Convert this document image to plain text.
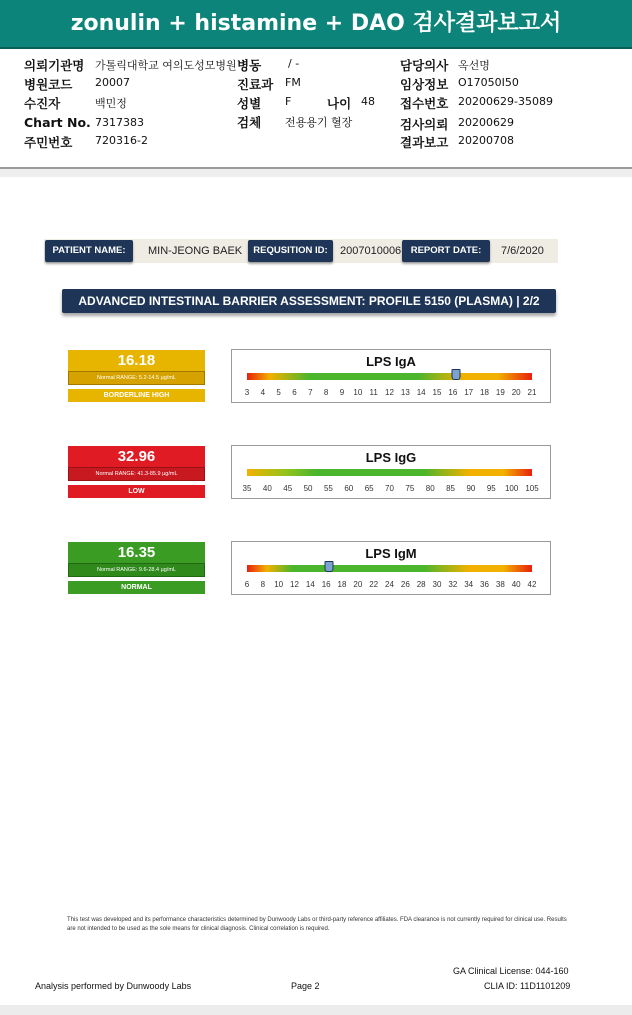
zonulin + histamine + DAO 검사결과보고서
의뢰기관명 가톨릭대학교 여의도성모병원 병동 / -	담당의사 옥선명
병원코드 20007	진료과 FM	임상정보 O17050I50
수진자	백민정	성별 F	나이 48 접수번호 20200629-35089
Chart No. 7317383	검체 전용용기 혈장	검사의뢰 20200629
주민번호 720316-2	결과보고 20200708
PATIENT NAME:	MIN-JEONG BAEK	REQUSITION ID:	2007010006	REPORT DATE:	7/6/2020
ADVANCED INTESTINAL BARRIER ASSESSMENT: PROFILE 5150 (PLASMA) | 2/2
16.18
Normal RANGE: 5.2-14.5 µg/mL
BORDERLINE HIGH
LPS IgA
3 4 5 6 7 8 9 10 11 12 13 14 15 16 17 18 19 20 21
32.96
Normal RANGE: 41.3-85.9 µg/mL
LOW
LPS IgG
35 40 45 50 55 60 65 70 75 80 85 90 95 100 105
16.35
Normal RANGE: 9.6-28.4 µg/mL
NORMAL
LPS IgM
6 8 10 12 14 16 18 20 22 24 26 28 30 32 34 36 38 40 42
This test was developed and its performance characteristics determined by Dunwoody Labs or third-party reference affiliates. FDA clearance is not currently required for clinical use. Results are not intended to be used as the sole means for clinical diagnosis. Clinical correlation is required.
Analysis performed by Dunwoody Labs	Page 2
GA Clinical License: 044-160
CLIA ID: 11D1101209
